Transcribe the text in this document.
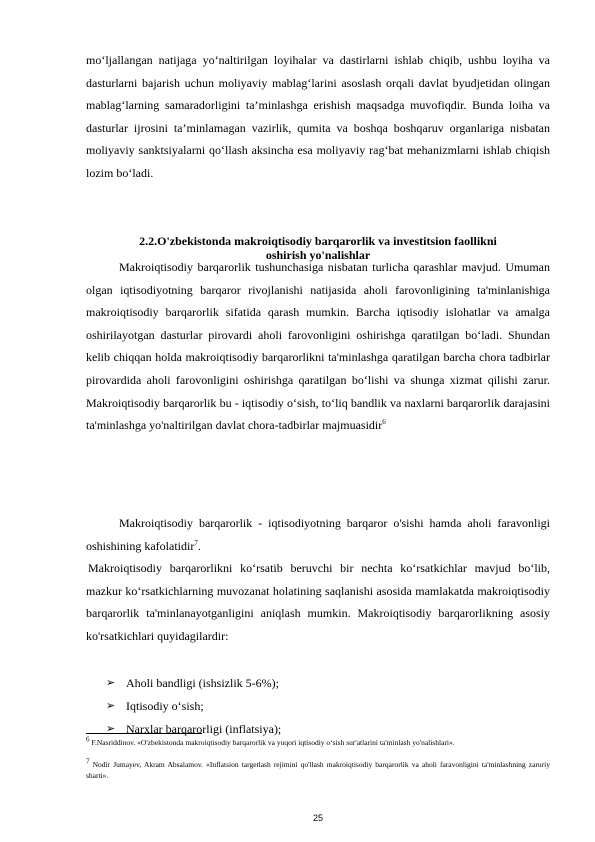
mo‘ljallangan natijaga yo‘naltirilgan loyihalar va dastirlarni ishlab chiqib, ushbu loyiha va dasturlarni bajarish uchun moliyaviy mablag‘larini asoslash orqali davlat byudjetidan olingan mablag‘larning samaradorligini ta’minlashga erishish maqsadga muvofiqdir. Bunda loiha va dasturlar ijrosini ta’minlamagan vazirlik, qumita va boshqa boshqaruv organlariga nisbatan moliyaviy sanktsiyalarni qo‘llash aksincha esa moliyaviy rag‘bat mehanizmlarni ishlab chiqish lozim bo‘ladi.

2.2.O'zbekistonda makroiqtisodiy barqarorlik va investitsion faollikni
oshirish yo'nalishlar

Makroiqtisodiy barqarorlik tushunchasiga nisbatan turlicha qarashlar mavjud. Umuman olgan iqtisodiyotning barqaror rivojlanishi natijasida aholi farovonligining ta'minlanishiga makroiqtisodiy barqarorlik sifatida qarash mumkin. Barcha iqtisodiy islohatlar va amalga oshirilayotgan dasturlar pirovardi aholi farovonligini oshirishga qaratilgan bo‘ladi. Shundan kelib chiqqan holda makroiqtisodiy barqarorlikni ta'minlashga qaratilgan barcha chora tadbirlar pirovardida aholi farovonligini oshirishga qaratilgan bo‘lishi va shunga xizmat qilishi zarur. Makroiqtisodiy barqarorlik bu - iqtisodiy o‘sish, to‘liq bandlik va naxlarni barqarorlik darajasini ta'minlashga yo'naltirilgan davlat chora-tadbirlar majmuasidir$^6$

Makroiqtisodiy barqarorlik - iqtisodiyotning barqaror o'sishi hamda aholi faravonligi oshishining kafolatidir$^7$.

Makroiqtisodiy barqarorlikni ko‘rsatib beruvchi bir nechta ko‘rsatkichlar mavjud bo‘lib, mazkur ko‘rsatkichlarning muvozanat holatining saqlanishi asosida mamlakatda makroiqtisodiy barqarorlik ta'minlanayotganligini aniqlash mumkin. Makroiqtisodiy barqarorlikning asosiy ko'rsatkichlari quyidagilardir:

➢ Aholi bandligi (ishsizlik 5-6%);
➢ Iqtisodiy o‘sish;
➢ Narxlar barqarorligi (inflatsiya);
$^6$ F.Nasriddinov. «O'zbekistonda makroiqtisodiy barqarorlik va yuqori iqtisodiy o‘sish sur'atlarini ta'minlash yo'nalishlari».
$^7$ Nodir Jumayev, Akram Absalamov. «Inflatsion targetlash rejimini qo'llash makroiqtisodiy barqarorlik va aholi faravonligini ta'minlashning zaruriy sharti».
25
